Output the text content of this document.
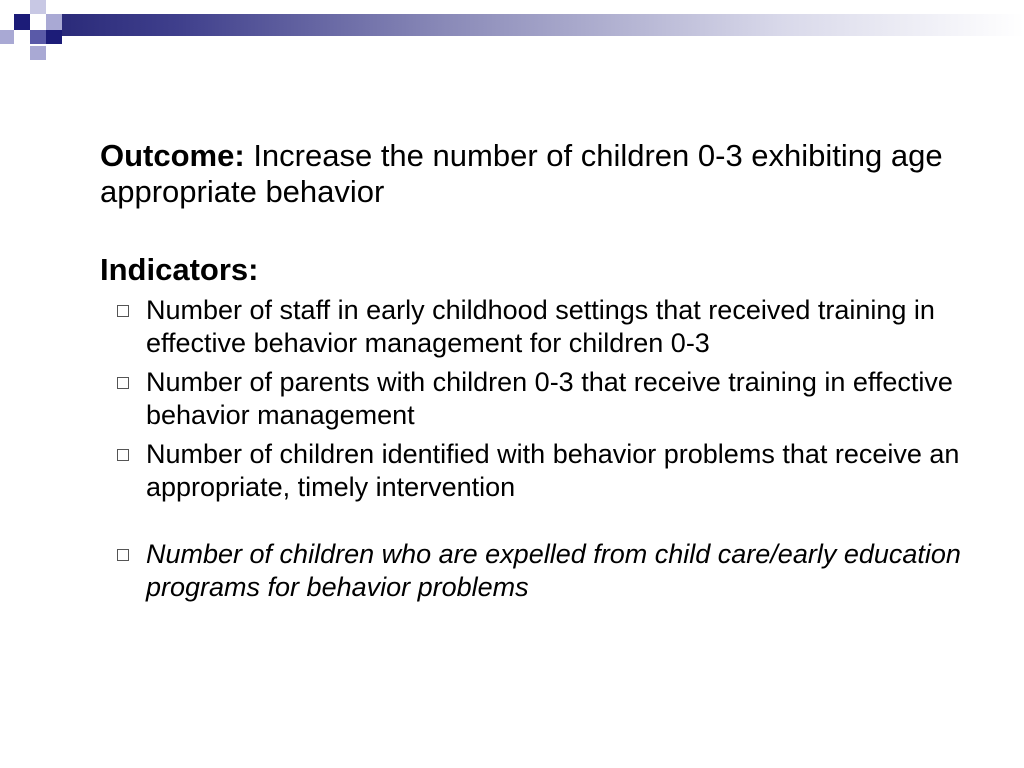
Outcome: Increase the number of children 0-3 exhibiting age appropriate behavior

Indicators:
Number of staff in early childhood settings that received training in effective behavior management for children 0-3
Number of parents with children 0-3 that receive training in effective behavior management
Number of children identified with behavior problems that receive an appropriate, timely intervention
Number of children who are expelled from child care/early education programs for behavior problems
